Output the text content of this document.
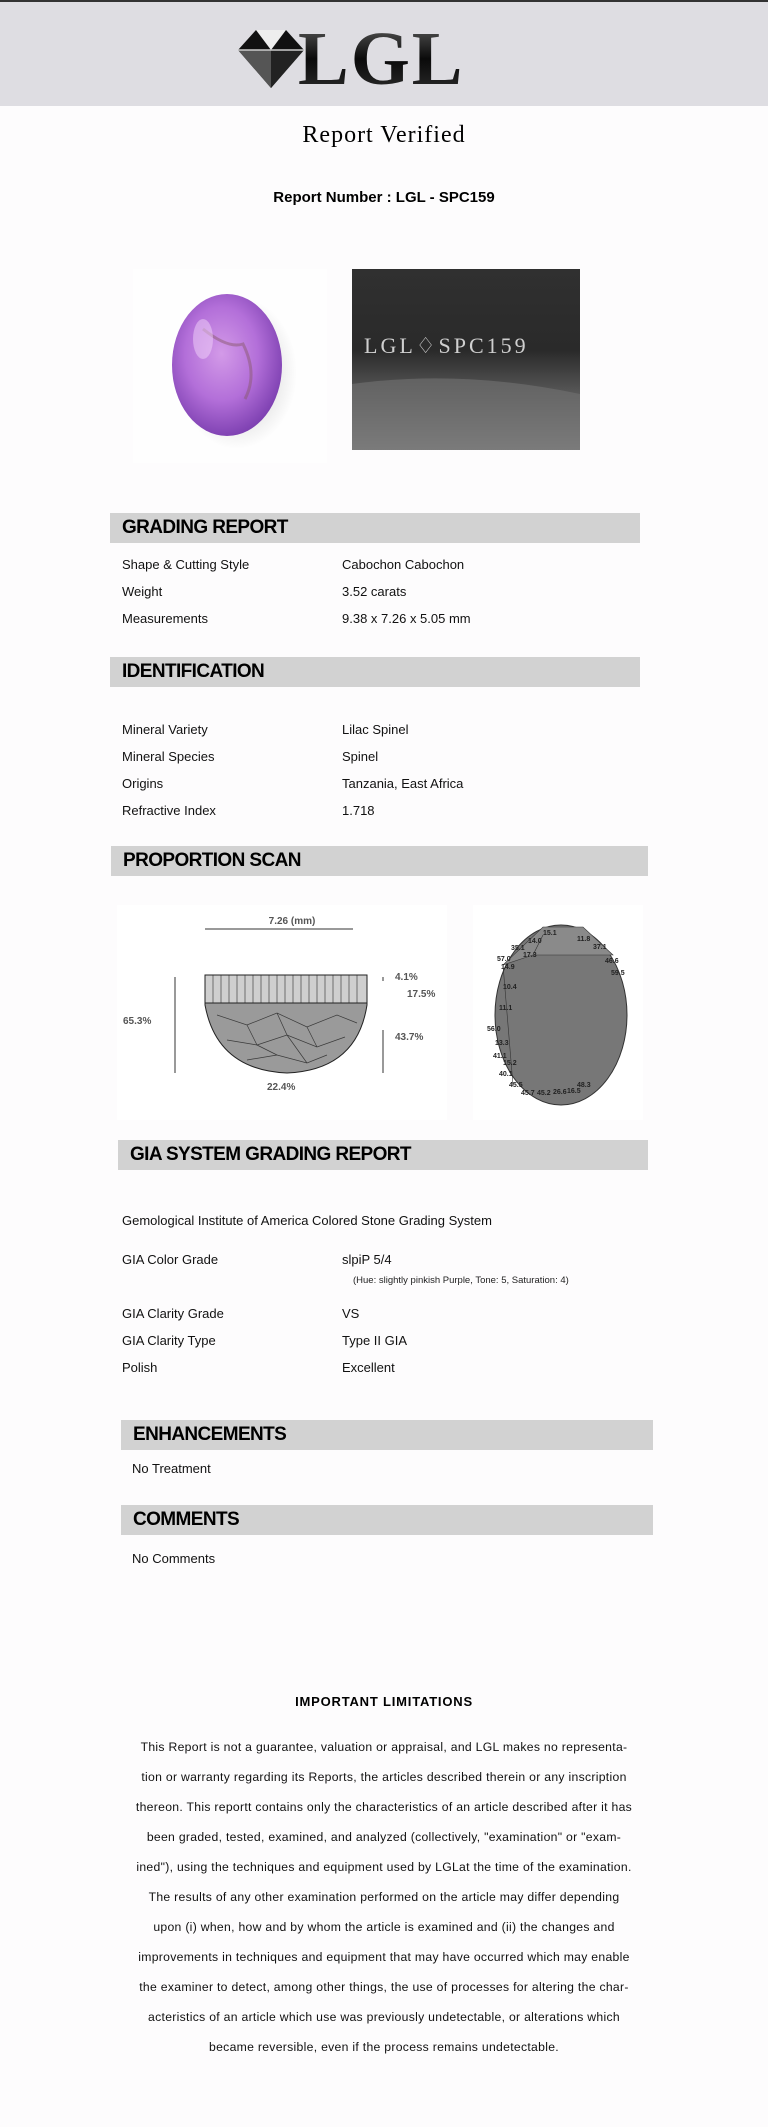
LGL
Report Verified
Report Number : LGL - SPC159
LGL♢SPC159
GRADING REPORT
Shape & Cutting Style	Cabochon Cabochon
Weight	3.52 carats
Measurements	9.38 x 7.26 x 5.05 mm
IDENTIFICATION
Mineral Variety	Lilac Spinel
Mineral Species	Spinel
Origins	Tanzania, East Africa
Refractive Index	1.718
PROPORTION SCAN
7.26 (mm)
65.3%
4.1%
17.5%
43.7%
22.4%
15.1
14.0	11.8
37.1
35.1
17.3
57.0
14.9
46.6
59.5
10.4
11.1
56.0
13.3
41.1
15.2
40.1
45.5
45.7 45.2 26.6 16.5
48.3
GIA SYSTEM GRADING REPORT
Gemological Institute of America Colored Stone Grading System
GIA Color Grade	slpiP 5/4
(Hue: slightly pinkish Purple, Tone: 5, Saturation: 4)
GIA Clarity Grade	VS
GIA Clarity Type	Type II GIA
Polish	Excellent
ENHANCEMENTS
No Treatment
COMMENTS
No Comments
IMPORTANT LIMITATIONS
This Report is not a guarantee, valuation or appraisal, and LGL makes no representa-
tion or warranty regarding its Reports, the articles described therein or any inscription
thereon. This reportt contains only the characteristics of an article described after it has
been graded, tested, examined, and analyzed (collectively, "examination" or "exam-
ined"), using the techniques and equipment used by LGLat the time of the examination.
The results of any other examination performed on the article may differ depending
upon (i) when, how and by whom the article is examined and (ii) the changes and
improvements in techniques and equipment that may have occurred which may enable
the examiner to detect, among other things, the use of processes for altering the char-
acteristics of an article which use was previously undetectable, or alterations which
became reversible, even if the process remains undetectable.
